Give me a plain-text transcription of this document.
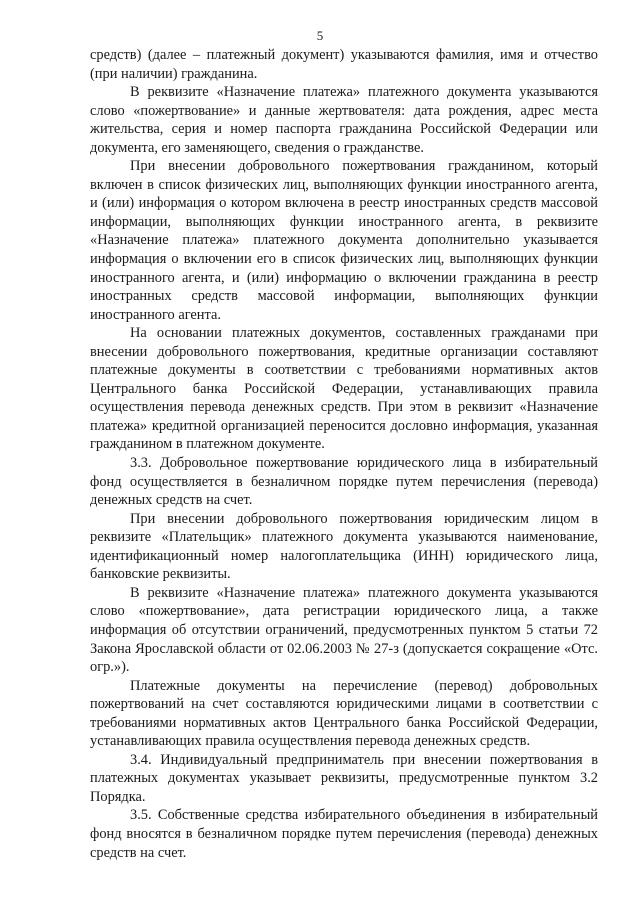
5

средств) (далее – платежный документ) указываются фамилия, имя и отчество (при наличии) гражданина.

В реквизите «Назначение платежа» платежного документа указываются слово «пожертвование» и данные жертвователя: дата рождения, адрес места жительства, серия и номер паспорта гражданина Российской Федерации или документа, его заменяющего, сведения о гражданстве.

При внесении добровольного пожертвования гражданином, который включен в список физических лиц, выполняющих функции иностранного агента, и (или) информация о котором включена в реестр иностранных средств массовой информации, выполняющих функции иностранного агента, в реквизите «Назначение платежа» платежного документа дополнительно указывается информация о включении его в список физических лиц, выполняющих функции иностранного агента, и (или) информацию о включении гражданина в реестр иностранных средств массовой информации, выполняющих функции иностранного агента.

На основании платежных документов, составленных гражданами при внесении добровольного пожертвования, кредитные организации составляют платежные документы в соответствии с требованиями нормативных актов Центрального банка Российской Федерации, устанавливающих правила осуществления перевода денежных средств. При этом в реквизит «Назначение платежа» кредитной организацией переносится дословно информация, указанная гражданином в платежном документе.

3.3. Добровольное пожертвование юридического лица в избирательный фонд осуществляется в безналичном порядке путем перечисления (перевода) денежных средств на счет.

При внесении добровольного пожертвования юридическим лицом в реквизите «Плательщик» платежного документа указываются наименование, идентификационный номер налогоплательщика (ИНН) юридического лица, банковские реквизиты.

В реквизите «Назначение платежа» платежного документа указываются слово «пожертвование», дата регистрации юридического лица, а также информация об отсутствии ограничений, предусмотренных пунктом 5 статьи 72 Закона Ярославской области от 02.06.2003 № 27-з (допускается сокращение «Отс. огр.»).

Платежные документы на перечисление (перевод) добровольных пожертвований на счет составляются юридическими лицами в соответствии с требованиями нормативных актов Центрального банка Российской Федерации, устанавливающих правила осуществления перевода денежных средств.

3.4. Индивидуальный предприниматель при внесении пожертвования в платежных документах указывает реквизиты, предусмотренные пунктом 3.2 Порядка.

3.5. Собственные средства избирательного объединения в избирательный фонд вносятся в безналичном порядке путем перечисления (перевода) денежных средств на счет.
